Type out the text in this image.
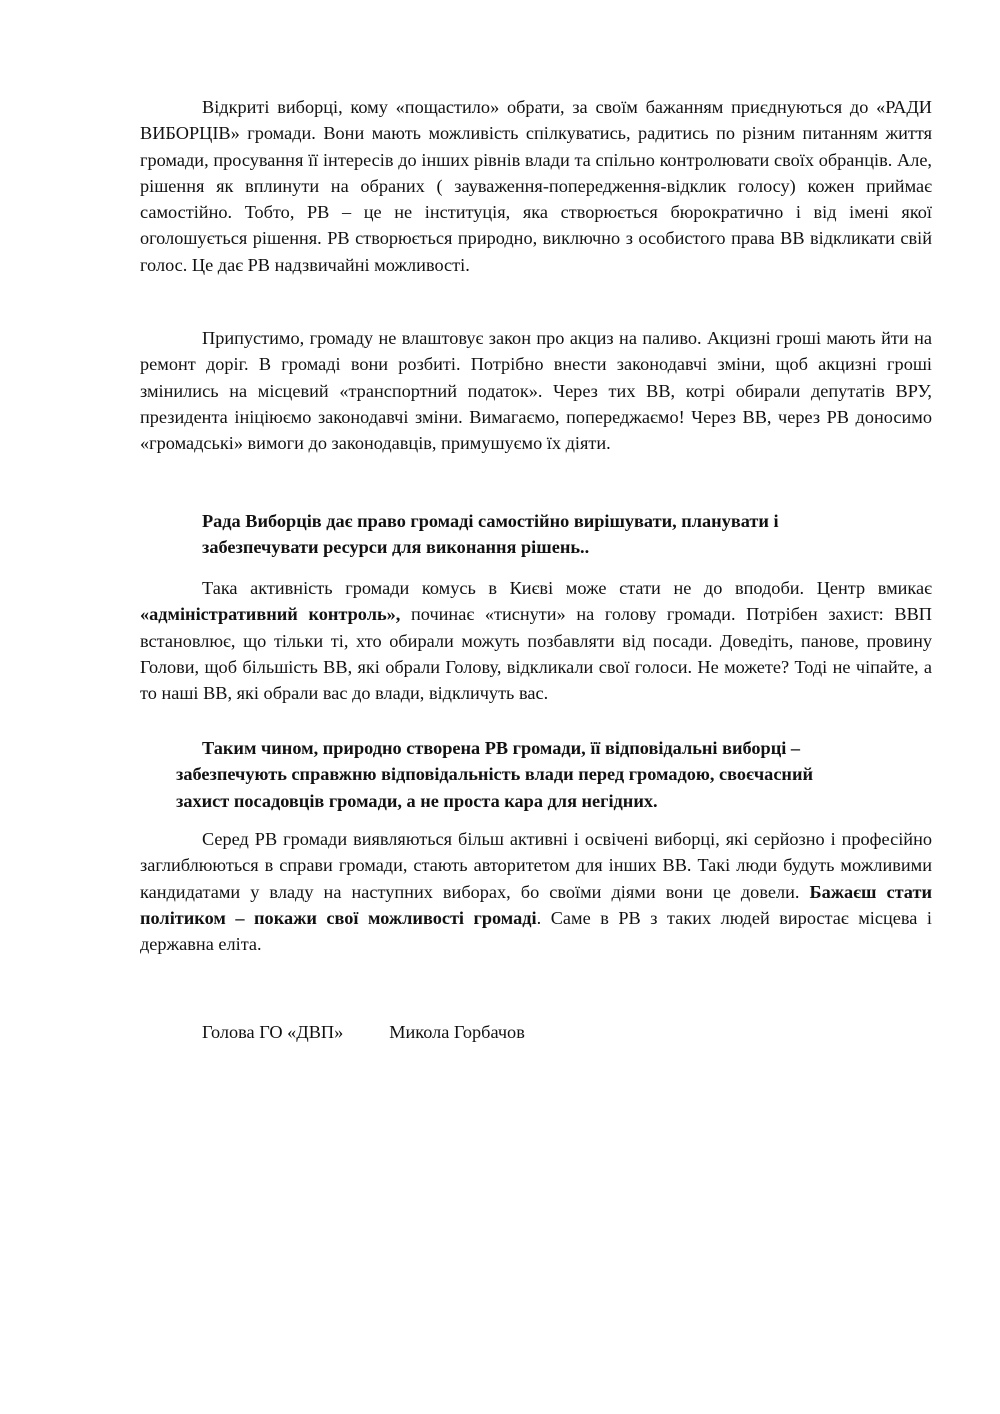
Відкриті виборці, кому «пощастило» обрати, за своїм бажанням приєднуються до «РАДИ ВИБОРЦІВ» громади. Вони мають можливість спілкуватись, радитись по різним питанням життя громади, просування її інтересів до інших рівнів влади та спільно контролювати своїх обранців. Але, рішення як вплинути на обраних ( зауваження-попередження-відклик голосу) кожен приймає самостійно. Тобто, РВ – це не інституція, яка створюється бюрократично і від імені якої оголошується рішення. РВ створюється природно, виключно з особистого права ВВ відкликати свій голос. Це дає РВ надзвичайні можливості.

Припустимо, громаду не влаштовує закон про акциз на паливо. Акцизні гроші мають йти на ремонт доріг. В громаді вони розбиті. Потрібно внести законодавчі зміни, щоб акцизні гроші змінились на місцевий «транспортний податок». Через тих ВВ, котрі обирали депутатів ВРУ, президента ініціюємо законодавчі зміни. Вимагаємо, попереджаємо! Через ВВ, через РВ доносимо «громадські» вимоги до законодавців, примушуємо їх діяти.

Рада Виборців дає право громаді самостійно вирішувати, планувати і
забезпечувати ресурси для виконання рішень..

Така активність громади комусь в Києві може стати не до вподоби. Центр вмикає «адміністративний контроль», починає «тиснути» на голову громади. Потрібен захист: ВВП встановлює, що тільки ті, хто обирали можуть позбавляти від посади. Доведіть, панове, провину Голови, щоб більшість ВВ, які обрали Голову, відкликали свої голоси. Не можете? Тоді не чіпайте, а то наші ВВ, які обрали вас до влади, відкличуть вас.

Таким чином, природно створена РВ громади, її відповідальні виборці –
забезпечують справжню відповідальність влади перед громадою, своєчасний
захист посадовців громади, а не проста кара для негідних.

Серед РВ громади виявляються більш активні і освічені виборці, які серйозно і професійно заглиблюються в справи громади, стають авторитетом для інших ВВ. Такі люди будуть можливими кандидатами у владу на наступних виборах, бо своїми діями вони це довели. Бажаєш стати політиком – покажи свої можливості громаді. Саме в РВ з таких людей виростає місцева і державна еліта.

Голова ГО «ДВП»	Микола Горбачов
